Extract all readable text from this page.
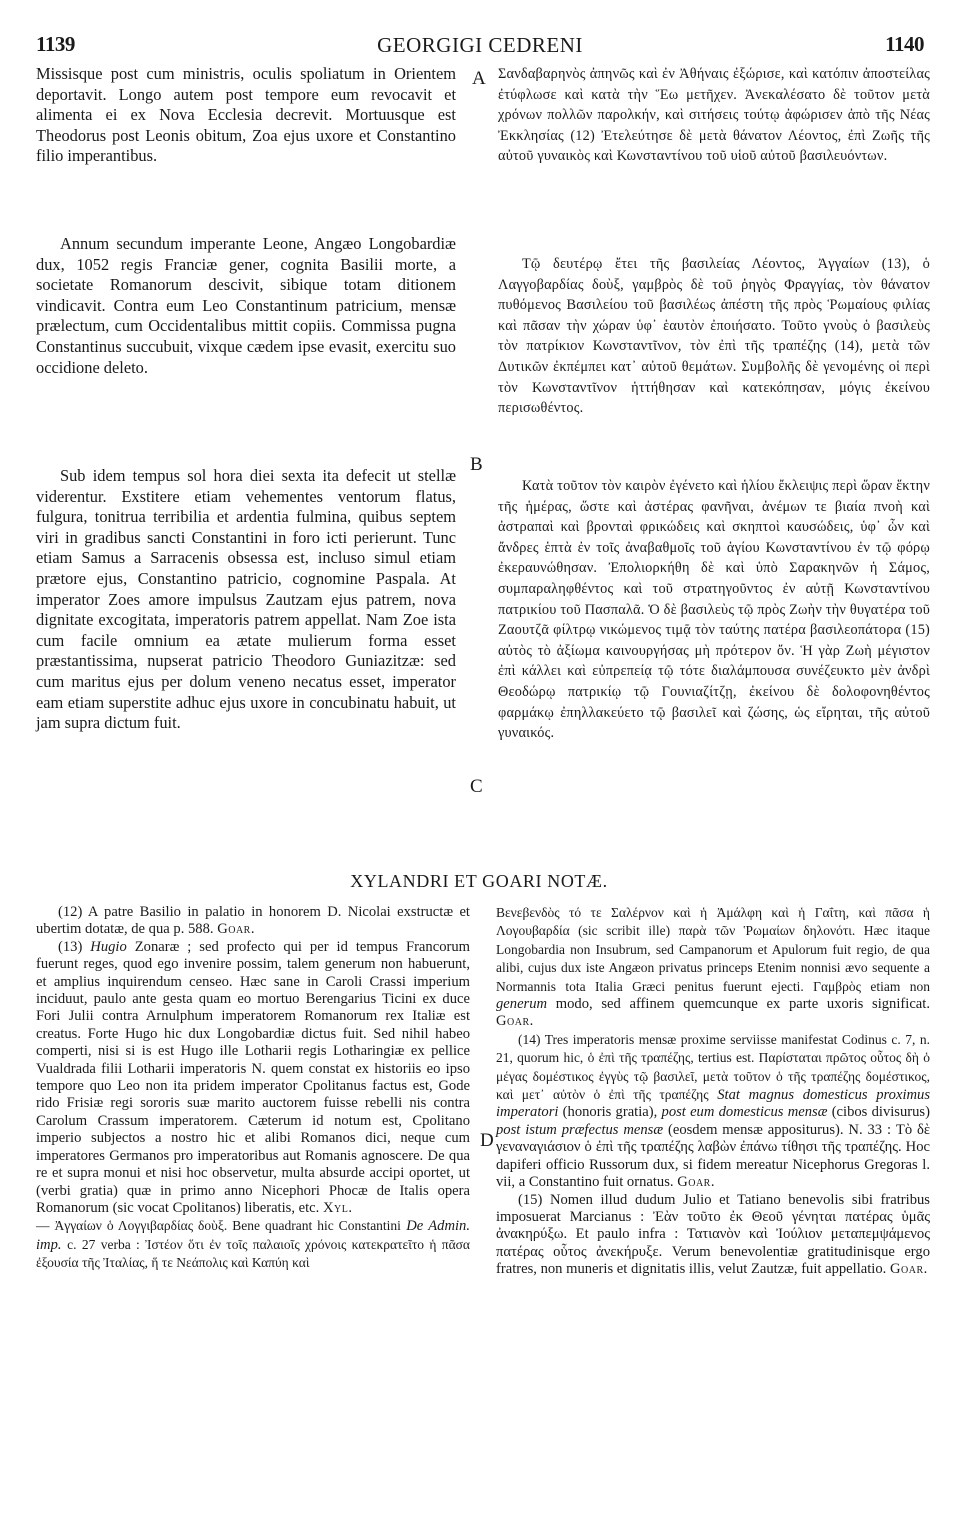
1139	GEORGIGI CEDRENI	1140

Missisque post cum ministris, oculis spoliatum in Orientem deportavit. Longo autem post tempore eum revocavit et alimenta ei ex Nova Ecclesia decrevit. Mortuusque est Theodorus post Leonis obitum, Zoa ejus uxore et Constantino filio imperantibus.

Annum secundum imperante Leone, Angæo Longobardiæ dux, 1052 regis Franciæ gener, cognita Basilii morte, a societate Romanorum descivit, sibique totam ditionem vindicavit. Contra eum Leo Constantinum patricium, mensæ prælectum, cum Occidentalibus mittit copiis. Commissa pugna Constantinus succubuit, vixque cædem ipse evasit, exercitu suo occidione deleto.

Sub idem tempus sol hora diei sexta ita defecit ut stellæ viderentur. Exstitere etiam vehementes ventorum flatus, fulgura, tonitrua terribilia et ardentia fulmina, quibus septem viri in gradibus sancti Constantini in foro icti perierunt. Tunc etiam Samus a Sarracenis obsessa est, incluso simul etiam prætore ejus, Constantino patricio, cognomine Paspala. At imperator Zoes amore impulsus Zautzam ejus patrem, nova dignitate excogitata, imperatoris patrem appellat. Nam Zoe ista cum facile omnium ea ætate mulierum forma esset præstantissima, nupserat patricio Theodoro Guniazitzæ: sed cum maritus ejus per dolum veneno necatus esset, imperator eam etiam superstite adhuc ejus uxore in concubinatu habuit, ut jam supra dictum fuit.

A
B
C
D

Σανδαβαρηνὸς ἀπηνῶς καὶ ἐν Ἀθήναις ἐξώρισε, καὶ κατόπιν ἀποστείλας ἐτύφλωσε καὶ κατὰ τὴν Ἕω μετῆχεν. Ἀνεκαλέσατο δὲ τοῦτον μετὰ χρόνων πολλῶν παρολκήν, καὶ σιτήσεις τούτῳ ἀφώρισεν ἀπὸ τῆς Νέας Ἐκκλησίας (12) Ἐτελεύτησε δὲ μετὰ θάνατον Λέοντος, ἐπὶ Ζωῆς τῆς αὐτοῦ γυναικὸς καὶ Κωνσταντίνου τοῦ υἱοῦ αὐτοῦ βασιλευόντων.

Τῷ δευτέρῳ ἔτει τῆς βασιλείας Λέοντος, Ἀγγαίων (13), ὁ Λαγγοβαρδίας δοὺξ, γαμβρὸς δὲ τοῦ ῥηγὸς Φραγγίας, τὸν θάνατον πυθόμενος Βασιλείου τοῦ βασιλέως ἀπέστη τῆς πρὸς Ῥωμαίους φιλίας καὶ πᾶσαν τὴν χώραν ὑφ᾽ ἑαυτὸν ἐποιήσατο. Τοῦτο γνοὺς ὁ βασιλεὺς τὸν πατρίκιον Κωνσταντῖνον, τὸν ἐπὶ τῆς τραπέζης (14), μετὰ τῶν Δυτικῶν ἐκπέμπει κατ᾽ αὐτοῦ θεμάτων. Συμβολῆς δὲ γενομένης οἱ περὶ τὸν Κωνσταντῖνον ἡττήθησαν καὶ κατεκόπησαν, μόγις ἐκείνου περισωθέντος.

Κατὰ τοῦτον τὸν καιρὸν ἐγένετο καὶ ἡλίου ἔκλειψις περὶ ὥραν ἕκτην τῆς ἡμέρας, ὥστε καὶ ἀστέρας φανῆναι, ἀνέμων τε βιαία πνοὴ καὶ ἀστραπαὶ καὶ βρονταὶ φρικώδεις καὶ σκηπτοὶ καυσώδεις, ὑφ᾽ ὧν καὶ ἄνδρες ἑπτὰ ἐν τοῖς ἀναβαθμοῖς τοῦ ἁγίου Κωνσταντίνου ἐν τῷ φόρῳ ἐκεραυνώθησαν. Ἐπολιορκήθη δὲ καὶ ὑπὸ Σαρακηνῶν ἡ Σάμος, συμπαραληφθέντος καὶ τοῦ στρατηγοῦντος ἐν αὐτῇ Κωνσταντίνου πατρικίου τοῦ Πασπαλᾶ. Ὁ δὲ βασιλεὺς τῷ πρὸς Ζωὴν τὴν θυγατέρα τοῦ Ζαουτζᾶ φίλτρῳ νικώμενος τιμᾷ τὸν ταύτης πατέρα βασιλεοπάτορα (15) αὐτὸς τὸ ἀξίωμα καινουργήσας μὴ πρότερον ὄν. Ἡ γὰρ Ζωὴ μέγιστον ἐπὶ κάλλει καὶ εὐπρεπείᾳ τῷ τότε διαλάμπουσα συνέζευκτο μὲν ἀνδρὶ Θεοδώρῳ πατρικίῳ τῷ Γουνιαζίτζῃ, ἐκείνου δὲ δολοφονηθέντος φαρμάκῳ ἐπηλλακεύετο τῷ βασιλεῖ καὶ ζώσης, ὡς εἴρηται, τῆς αὐτοῦ γυναικός.

XYLANDRI ET GOARI NOTÆ.

(12) A patre Basilio in palatio in honorem D. Nicolai exstructæ et ubertim dotatæ, de qua p. 588. Goar.

(13) Hugio Zonaræ ; sed profecto qui per id tempus Francorum fuerunt reges, quod ego invenire possim, talem generum non habuerunt, et amplius inquirendum censeo. Hæc sane in Caroli Crassi imperium inciduut, paulo ante gesta quam eo mortuo Berengarius Ticini ex duce Fori Julii contra Arnulphum imperatorem Romanorum rex Italiæ est creatus. Forte Hugo hic dux Longobardiæ dictus fuit. Sed nihil habeo comperti, nisi si is est Hugo ille Lotharii regis Lotharingiæ ex pellice Vualdrada filii Lotharii imperatoris N. quem constat ex historiis eo ipso tempore quo Leo non ita pridem imperator Cpolitanus factus est, Gode rido Frisiæ regi sororis suæ marito auctorem fuisse rebelli nis contra Carolum Crassum imperatorem. Cæterum id notum est, Cpolitano imperio subjectos a nostro hic et alibi Romanos dici, neque cum imperatores Germanos pro imperatoribus aut Romanis agnoscere. De qua re et supra monui et nisi hoc observetur, multa absurde accipi oportet, ut (verbi gratia) quæ in primo anno Nicephori Phocæ de Italis opera Romanorum (sic vocat Cpolitanos) liberatis, etc. Xyl.

— Ἀγγαίων ὁ Λογγιβαρδίας δοὺξ. Bene quadrant hic Constantini De Admin. imp. c. 27 verba : Ἰστέον ὅτι ἐν τοῖς παλαιοῖς χρόνοις κατεκρατεῖτο ἡ πᾶσα ἐξουσία τῆς Ἰταλίας, ἥ τε Νεάπολις καὶ Καπύη καὶ

Βενεβενδὸς τό τε Σαλέρνον καὶ ἡ Ἀμάλφη καὶ ἡ Γαΐτη, καὶ πᾶσα ἡ Λογουβαρδία (sic scribit ille) παρὰ τῶν Ῥωμαίων δηλονότι. Hæc itaque Longobardia non Insubrum, sed Campanorum et Apulorum fuit regio, de qua alibi, cujus dux iste Angæon privatus princeps Etenim nonnisi ævo sequente a Normannis tota Italia Græci penitus fuerunt ejecti. Γαμβρὸς etiam non generum modo, sed affinem quemcunque ex parte uxoris significat. Goar.

(14) Tres imperatoris mensæ proxime serviisse manifestat Codinus c. 7, n. 21, quorum hic, ὁ ἐπὶ τῆς τραπέζης, tertius est. Παρίσταται πρῶτος οὗτος δὴ ὁ μέγας δομέστικος ἐγγὺς τῷ βασιλεῖ, μετὰ τοῦτον ὁ τῆς τραπέζης δομέστικος, καὶ μετ᾽ αὐτὸν ὁ ἐπὶ τῆς τραπέζης Stat magnus domesticus proximus imperatori (honoris gratia), post eum domesticus mensæ (cibos divisurus) post istum præfectus mensæ (eosdem mensæ appositurus). N. 33 : Τὸ δὲ γεναναγιάσιον ὁ ἐπὶ τῆς τραπέζης λαβὼν ἐπάνω τίθησι τῆς τραπέζης. Hoc dapiferi officio Russorum dux, si fidem mereatur Nicephorus Gregoras l. vii, a Constantino fuit ornatus. Goar.

(15) Nomen illud dudum Julio et Tatiano benevolis sibi fratribus imposuerat Marcianus : Ἐὰν τοῦτο ἐκ Θεοῦ γένηται πατέρας ὑμᾶς ἀνακηρύξω. Et paulo infra : Τατιανὸν καὶ Ἰούλιον μεταπεμψάμενος πατέρας οὗτος ἀνεκήρυξε. Verum benevolentiæ gratitudinisque ergo fratres, non muneris et dignitatis illis, velut Zautzæ, fuit appellatio. Goar.
